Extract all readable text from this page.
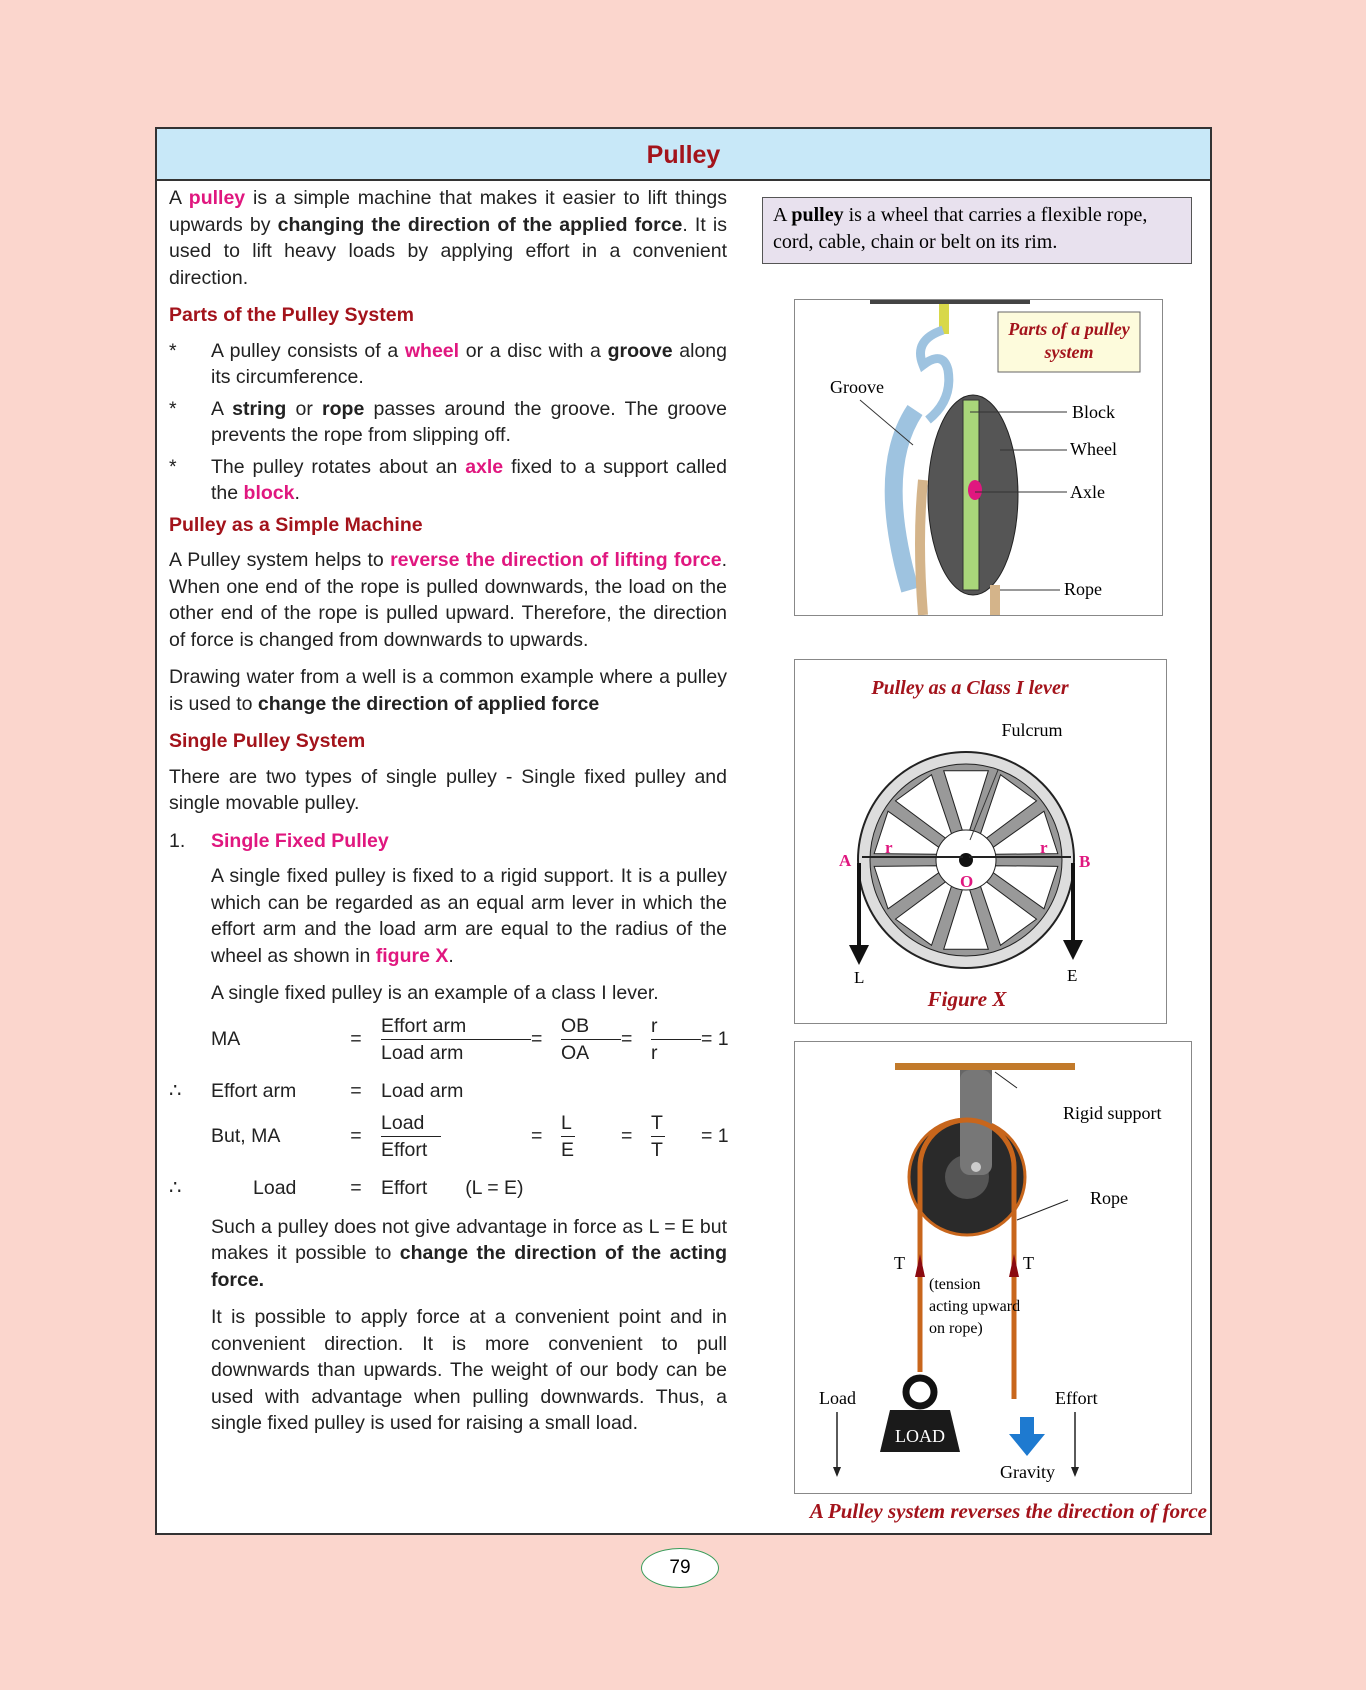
Pulley

A pulley is a simple machine that makes it easier to lift things upwards by changing the direction of the applied force. It is used to lift heavy loads by applying effort in a convenient direction.

Parts of the Pulley System
*	A pulley consists of a wheel or a disc with a groove along its circumference.
*	A string or rope passes around the groove. The groove prevents the rope from slipping off.
*	The pulley rotates about an axle fixed to a support called the block.
Pulley as a Simple Machine

A Pulley system helps to reverse the direction of lifting force. When one end of the rope is pulled downwards, the load on the other end of the rope is pulled upward. Therefore, the direction of force is changed from downwards to upwards.

Drawing water from a well is a common example where a pulley is used to change the direction of applied force

Single Pulley System

There are two types of single pulley - Single fixed pulley and single movable pulley.

1.	Single Fixed Pulley

A single fixed pulley is fixed to a rigid support. It is a pulley which can be regarded as an equal arm lever in which the effort arm and the load arm are equal to the radius of the wheel as shown in figure X.

A single fixed pulley is an example of a class I lever.

MA	=
Effort arm
Load arm
= $\frac{OB}{OA} = \frac{r}{r} = 1$
∴	Effort arm	= Load arm
But, MA	=
Load
Effort
= $\frac{L}{E} = \frac{T}{T} = 1$
∴	Load	= Effort (L = E)

Such a pulley does not give advantage in force as L = E but makes it possible to change the direction of the acting force.

It is possible to apply force at a convenient point and in convenient direction. It is more convenient to pull downwards than upwards. The weight of our body can be used with advantage when pulling downwards. Thus, a single fixed pulley is used for raising a small load.

A pulley is a wheel that carries a flexible rope, cord, cable, chain or belt on its rim.
Parts of a pulley
system
Groove
Block
Wheel
Axle
Rope
Pulley as a Class I lever
Fulcrum
A	B
O
r	r
L	E
Figure X
LOAD
Rigid support
Rope
T	T
(tension
acting upward
on rope)
Load	Effort
Gravity
A Pulley system reverses the direction of force
79
